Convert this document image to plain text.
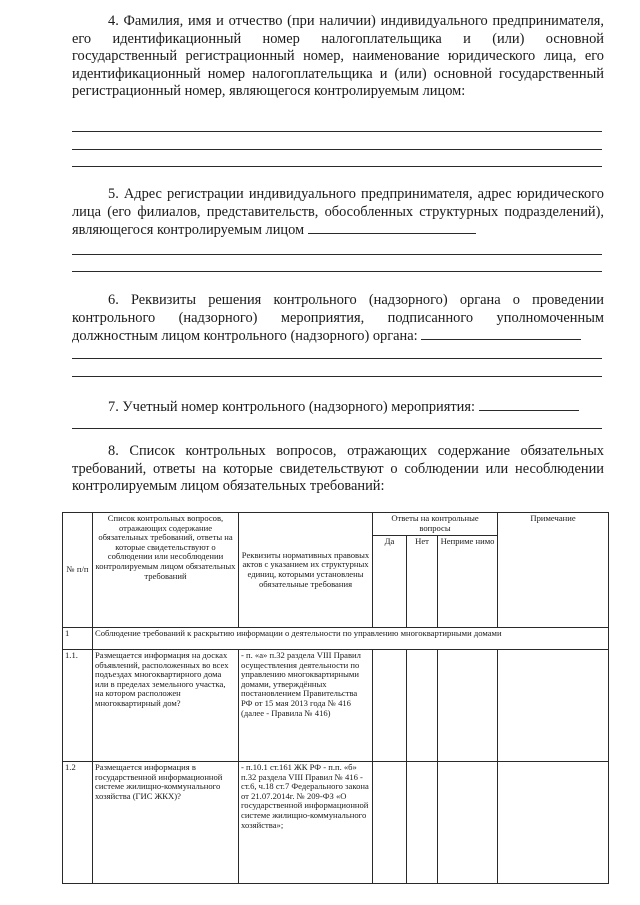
4. Фамилия, имя и отчество (при наличии) индивидуального предпринимателя, его идентификационный номер налогоплательщика и (или) основной государственный регистрационный номер, наименование юридического лица, его идентификационный номер налогоплательщика и (или) основной государственный регистрационный номер, являющегося контролируемым лицом:

5. Адрес регистрации индивидуального предпринимателя, адрес юридического лица (его филиалов, представительств, обособленных структурных подразделений), являющегося контролируемым лицом

6. Реквизиты решения контрольного (надзорного) органа о проведении контрольного (надзорного) мероприятия, подписанного уполномоченным должностным лицом контрольного (надзорного) органа:

7. Учетный номер контрольного (надзорного) мероприятия:

8. Список контрольных вопросов, отражающих содержание обязательных требований, ответы на которые свидетельствуют о соблюдении или несоблюдении контролируемым лицом обязательных требований:

№ п/п	Список контрольных вопросов, отражающих содержание обязательных требований, ответы на которые свидетельствуют о соблюдении или несоблюдении контролируемым лицом обязательных требований	Реквизиты нормативных правовых актов с указанием их структурных единиц, которыми установлены обязательные требования	Ответы на контрольные вопросы			Примечание
			Да	Нет	Неприме нимо	
1	Соблюдение требований к раскрытию информации о деятельности по управлению многоквартирными домами					
1.1.	Размещается информация на досках объявлений, расположенных во всех подъездах многоквартирного дома или в пределах земельного участка, на котором расположен многоквартирный дом?	- п. «а» п.32 раздела VIII Правил осуществления деятельности по управлению многоквартирными домами, утверждённых постановлением Правительства РФ от 15 мая 2013 года № 416 (далее - Правила № 416)				
1.2	Размещается информация в государственной информационной системе жилищно-коммунального хозяйства (ГИС ЖКХ)?	- п.10.1 ст.161 ЖК РФ - п.п. «б» п.32 раздела VIII Правил № 416 - ст.6, ч.18 ст.7 Федерального закона от 21.07.2014г. № 209-ФЗ «О государственной информационной системе жилищно-коммунального хозяйства»;				
